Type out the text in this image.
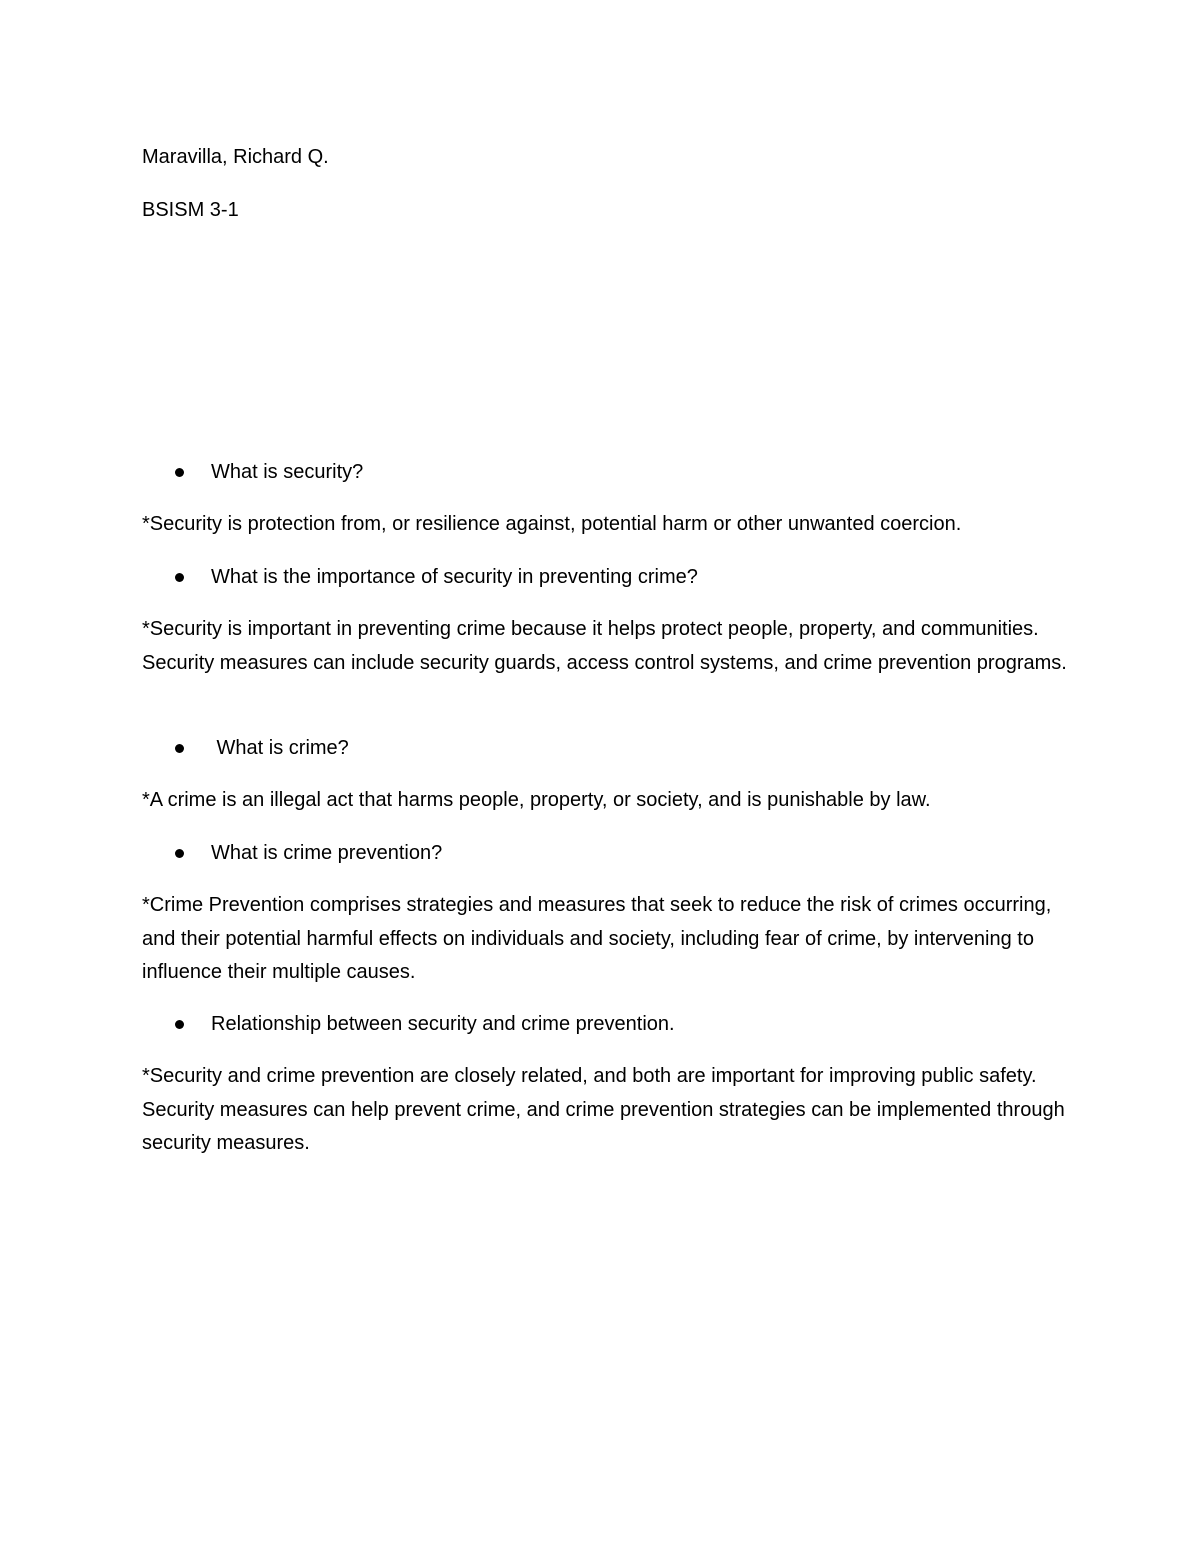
Maravilla, Richard Q.

BSISM 3-1

What is security?

*Security is protection from, or resilience against, potential harm or other unwanted coercion.

What is the importance of security in preventing crime?

*Security is important in preventing crime because it helps protect people, property, and communities. Security measures can include security guards, access control systems, and crime prevention programs.

What is crime?

*A crime is an illegal act that harms people, property, or society, and is punishable by law.

What is crime prevention?

*Crime Prevention comprises strategies and measures that seek to reduce the risk of crimes occurring, and their potential harmful effects on individuals and society, including fear of crime, by intervening to influence their multiple causes.

Relationship between security and crime prevention.

*Security and crime prevention are closely related, and both are important for improving public safety. Security measures can help prevent crime, and crime prevention strategies can be implemented through security measures.
